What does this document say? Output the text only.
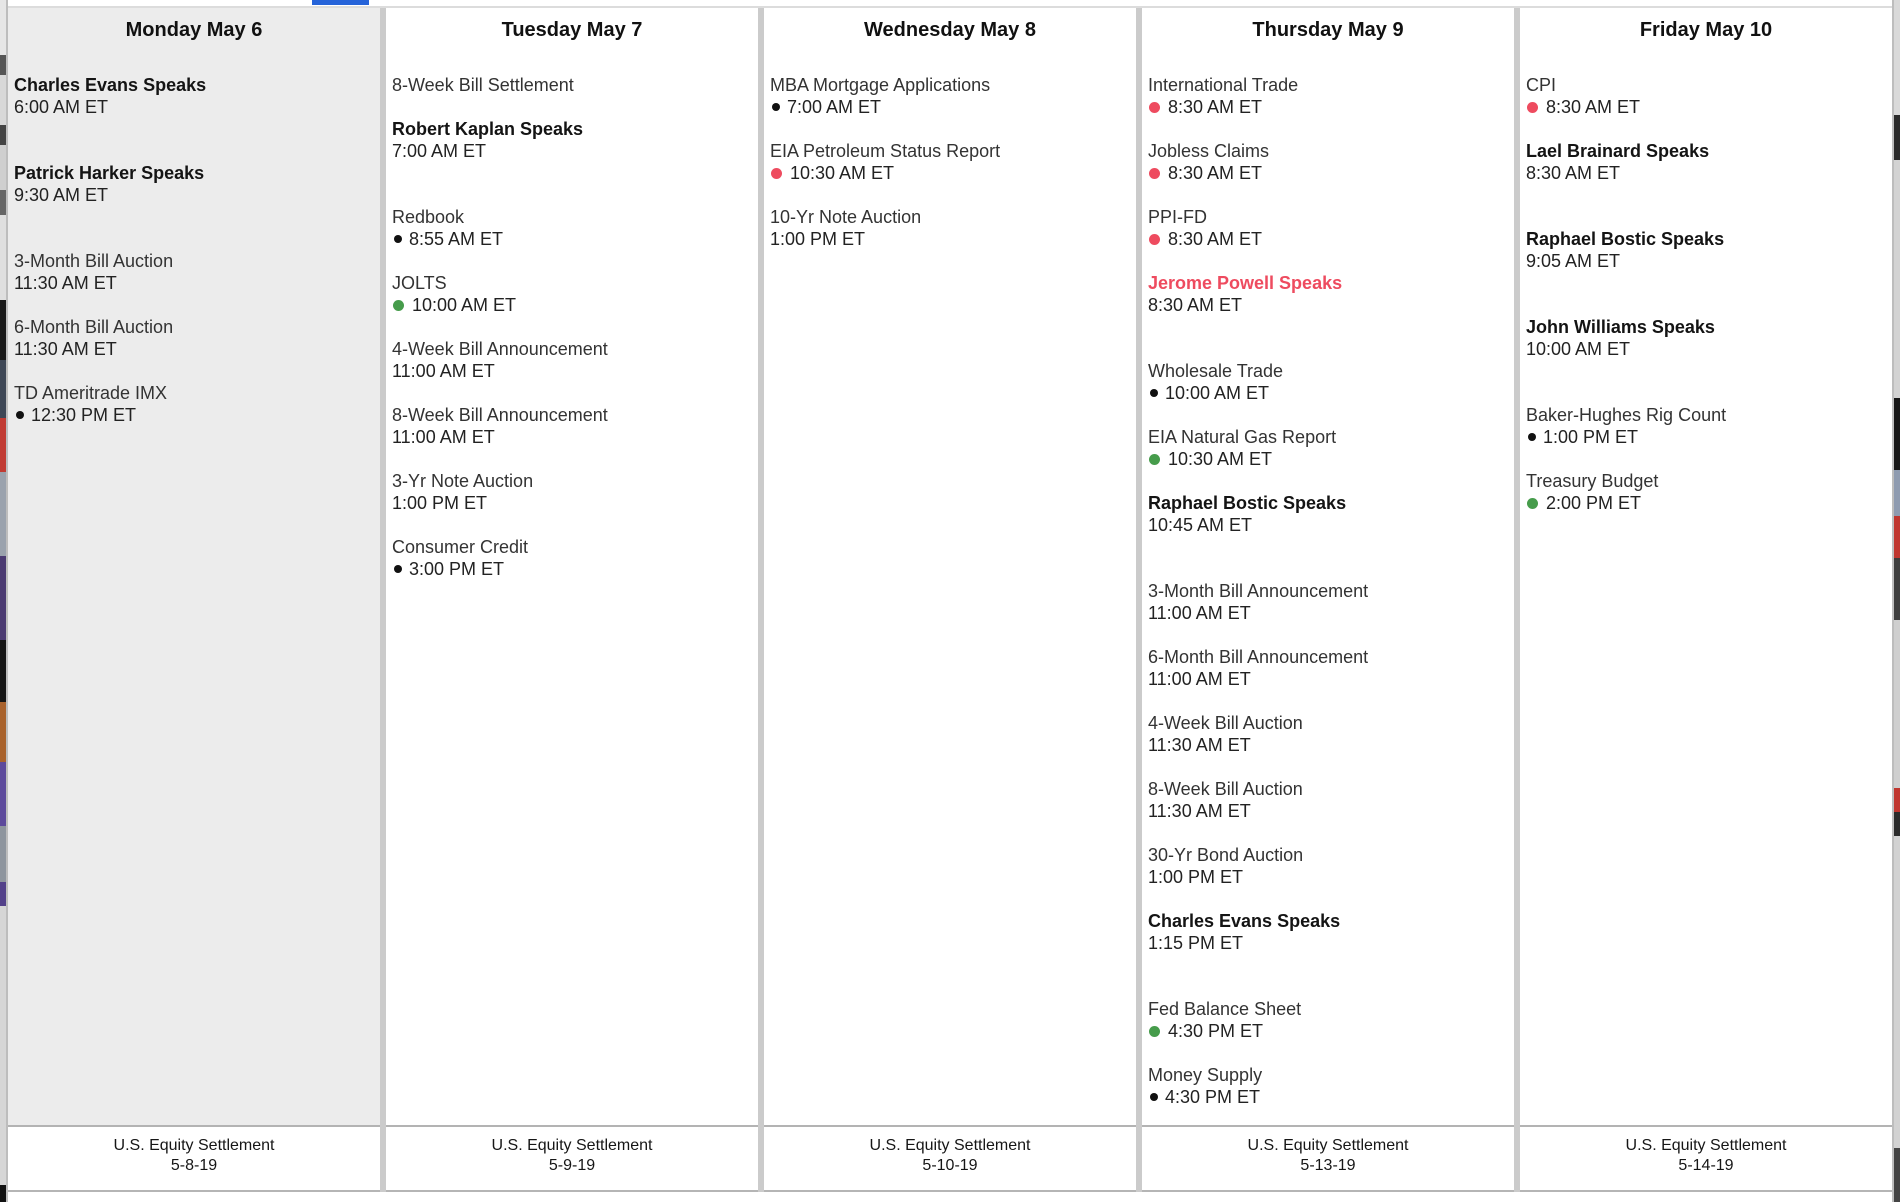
Monday May 6
Charles Evans Speaks
6:00 AM ET
Patrick Harker Speaks
9:30 AM ET
3-Month Bill Auction
11:30 AM ET
6-Month Bill Auction
11:30 AM ET
TD Ameritrade IMX
12:30 PM ET
U.S. Equity Settlement
5-8-19
Tuesday May 7
8-Week Bill Settlement
Robert Kaplan Speaks
7:00 AM ET
Redbook
8:55 AM ET
JOLTS
10:00 AM ET
4-Week Bill Announcement
11:00 AM ET
8-Week Bill Announcement
11:00 AM ET
3-Yr Note Auction
1:00 PM ET
Consumer Credit
3:00 PM ET
U.S. Equity Settlement
5-9-19
Wednesday May 8
MBA Mortgage Applications
7:00 AM ET
EIA Petroleum Status Report
10:30 AM ET
10-Yr Note Auction
1:00 PM ET
U.S. Equity Settlement
5-10-19
Thursday May 9
International Trade
8:30 AM ET
Jobless Claims
8:30 AM ET
PPI-FD
8:30 AM ET
Jerome Powell Speaks
8:30 AM ET
Wholesale Trade
10:00 AM ET
EIA Natural Gas Report
10:30 AM ET
Raphael Bostic Speaks
10:45 AM ET
3-Month Bill Announcement
11:00 AM ET
6-Month Bill Announcement
11:00 AM ET
4-Week Bill Auction
11:30 AM ET
8-Week Bill Auction
11:30 AM ET
30-Yr Bond Auction
1:00 PM ET
Charles Evans Speaks
1:15 PM ET
Fed Balance Sheet
4:30 PM ET
Money Supply
4:30 PM ET
U.S. Equity Settlement
5-13-19
Friday May 10
CPI
8:30 AM ET
Lael Brainard Speaks
8:30 AM ET
Raphael Bostic Speaks
9:05 AM ET
John Williams Speaks
10:00 AM ET
Baker-Hughes Rig Count
1:00 PM ET
Treasury Budget
2:00 PM ET
U.S. Equity Settlement
5-14-19
